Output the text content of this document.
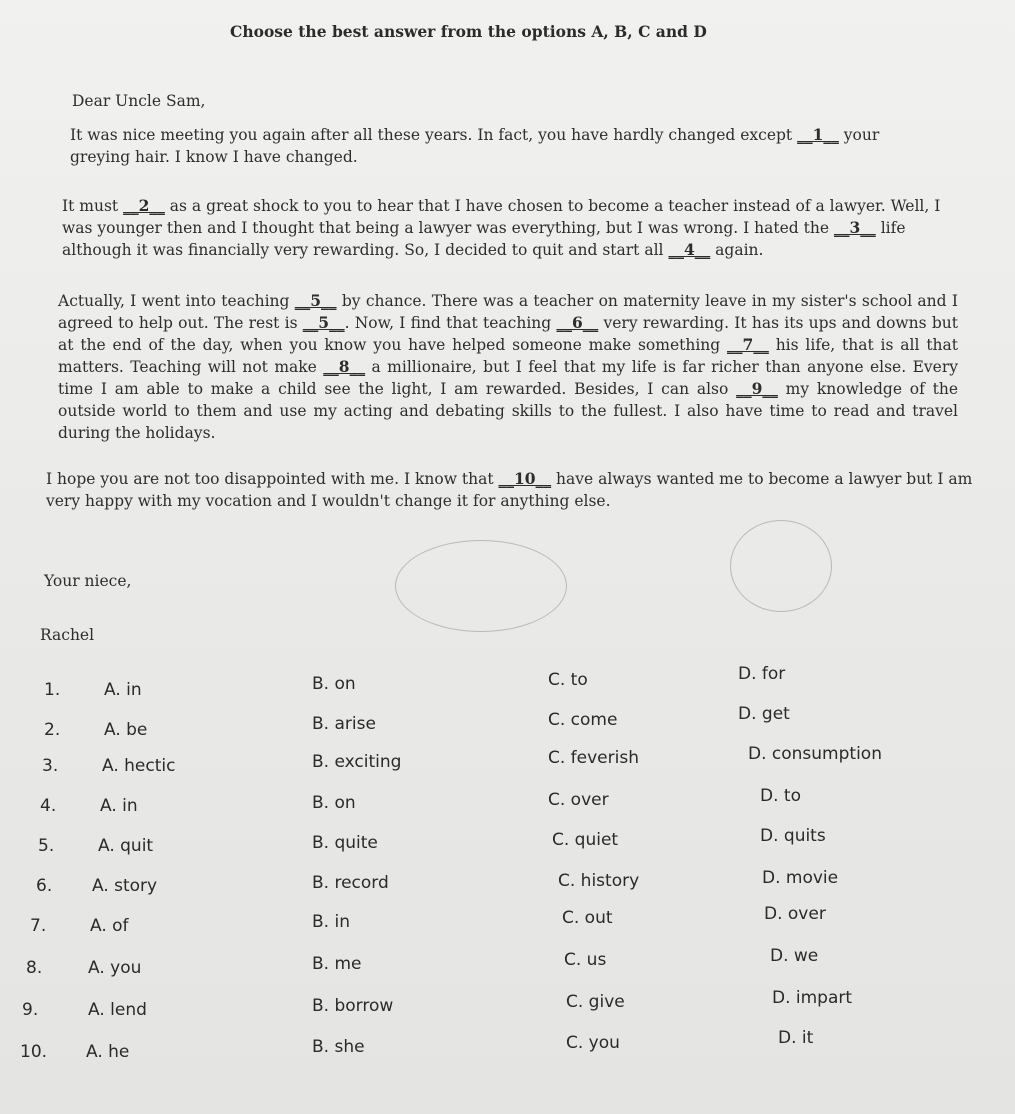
Choose the best answer from the options A, B, C and D
Dear Uncle Sam,
It was nice meeting you again after all these years. In fact, you have hardly changed except __1__ your greying hair. I know I have changed.
It must __2__ as a great shock to you to hear that I have chosen to become a teacher instead of a lawyer. Well, I was younger then and I thought that being a lawyer was everything, but I was wrong. I hated the __3__ life although it was financially very rewarding. So, I decided to quit and start all __4__ again.
Actually, I went into teaching __5__ by chance. There was a teacher on maternity leave in my sister's school and I agreed to help out. The rest is __5__. Now, I find that teaching __6__ very rewarding. It has its ups and downs but at the end of the day, when you know you have helped someone make something __7__ his life, that is all that matters. Teaching will not make __8__ a millionaire, but I feel that my life is far richer than anyone else. Every time I am able to make a child see the light, I am rewarded. Besides, I can also __9__ my knowledge of the outside world to them and use my acting and debating skills to the fullest. I also have time to read and travel during the holidays.
I hope you are not too disappointed with me. I know that __10__ have always wanted me to become a lawyer but I am very happy with my vocation and I wouldn't change it for anything else.
Your niece,
Rachel
1.	A. in	B. on	C. to	D. for
2.	A. be	B. arise	C. come	D. get
3.	A. hectic	B. exciting	C. feverish	D. consumption
4.	A. in	B. on	C. over	D. to
5.	A. quit	B. quite	C. quiet	D. quits
6. A. story	B. record	C. history	D. movie
7.	A. of	B. in	C. out	D. over
8.	A. you	B. me	C. us	D. we
9.	A. lend	B. borrow	C. give	D. impart
10. A. he	B. she	C. you	D. it
